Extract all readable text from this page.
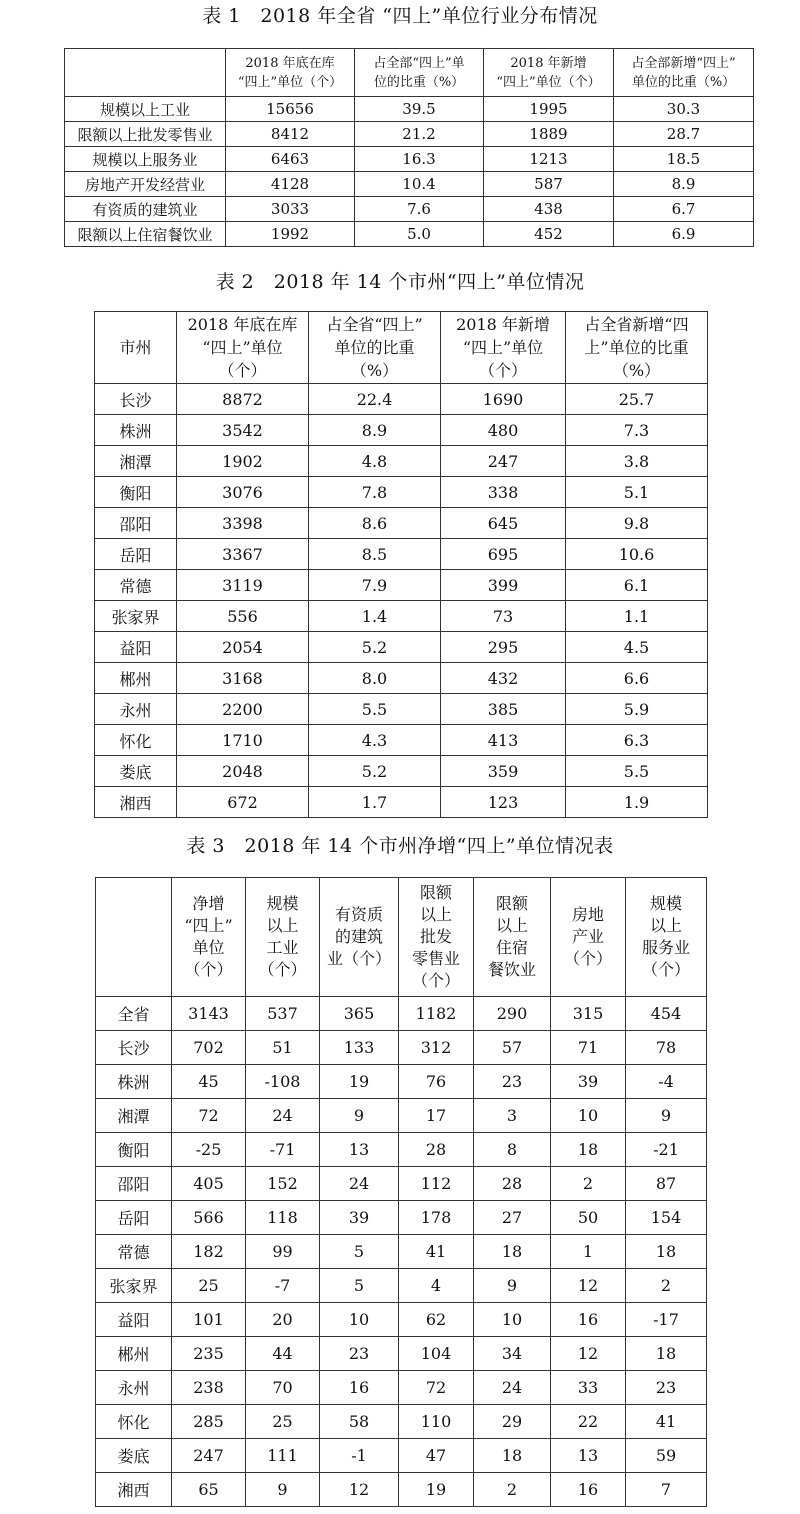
表 1　2018 年全省 “四上”单位行业分布情况

	2018 年底在库
“四上”单位（个）	占全部“四上”单
位的比重（%）	2018 年新增
“四上”单位（个）	占全部新增“四上”
单位的比重（%）

规模以上工业	15656	39.5	1995	30.3
限额以上批发零售业	8412	21.2	1889	28.7
规模以上服务业	6463	16.3	1213	18.5
房地产开发经营业	4128	10.4	587	8.9
有资质的建筑业	3033	7.6	438	6.7
限额以上住宿餐饮业	1992	5.0	452	6.9
表 2　2018 年 14 个市州“四上”单位情况
市州	2018 年底在库
“四上”单位
（个）	占全省“四上”
单位的比重
（%）	2018 年新增
“四上”单位
（个）	占全省新增“四
上”单位的比重
（%）

长沙	8872	22.4	1690	25.7
株洲	3542	8.9	480	7.3
湘潭	1902	4.8	247	3.8
衡阳	3076	7.8	338	5.1
邵阳	3398	8.6	645	9.8
岳阳	3367	8.5	695	10.6
常德	3119	7.9	399	6.1
张家界	556	1.4	73	1.1
益阳	2054	5.2	295	4.5
郴州	3168	8.0	432	6.6
永州	2200	5.5	385	5.9
怀化	1710	4.3	413	6.3
娄底	2048	5.2	359	5.5
湘西	672	1.7	123	1.9
表 3　2018 年 14 个市州净增“四上”单位情况表

	净增
“四上”
单位
（个）	规模
以上
工业
（个）	有资质
的建筑
业（个）	限额
以上
批发
零售业
（个）	限额
以上
住宿
餐饮业	房地
产业
（个）	规模
以上
服务业
（个）

全省	3143	537	365	1182	290	315	454
长沙	702	51	133	312	57	71	78
株洲	45	-108	19	76	23	39	-4
湘潭	72	24	9	17	3	10	9
衡阳	-25	-71	13	28	8	18	-21
邵阳	405	152	24	112	28	2	87
岳阳	566	118	39	178	27	50	154
常德	182	99	5	41	18	1	18
张家界	25	-7	5	4	9	12	2
益阳	101	20	10	62	10	16	-17
郴州	235	44	23	104	34	12	18
永州	238	70	16	72	24	33	23
怀化	285	25	58	110	29	22	41
娄底	247	111	-1	47	18	13	59
湘西	65	9	12	19	2	16	7
